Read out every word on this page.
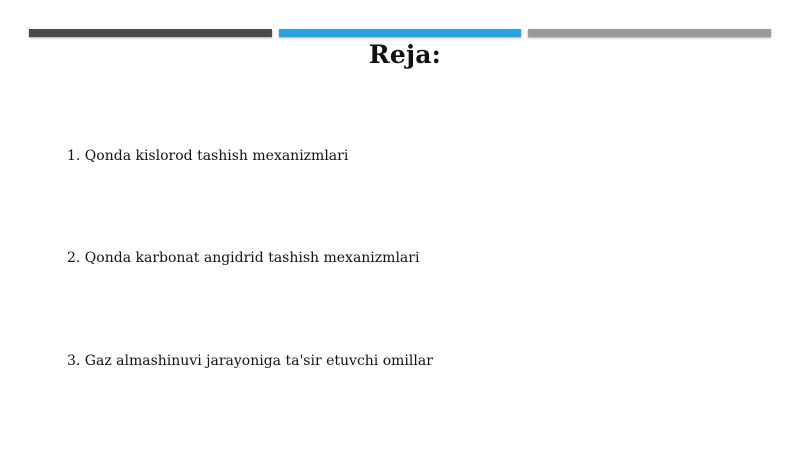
Reja:
1. Qonda kislorod tashish mexanizmlari
2. Qonda karbonat angidrid tashish mexanizmlari
3. Gaz almashinuvi jarayoniga ta'sir etuvchi omillar
